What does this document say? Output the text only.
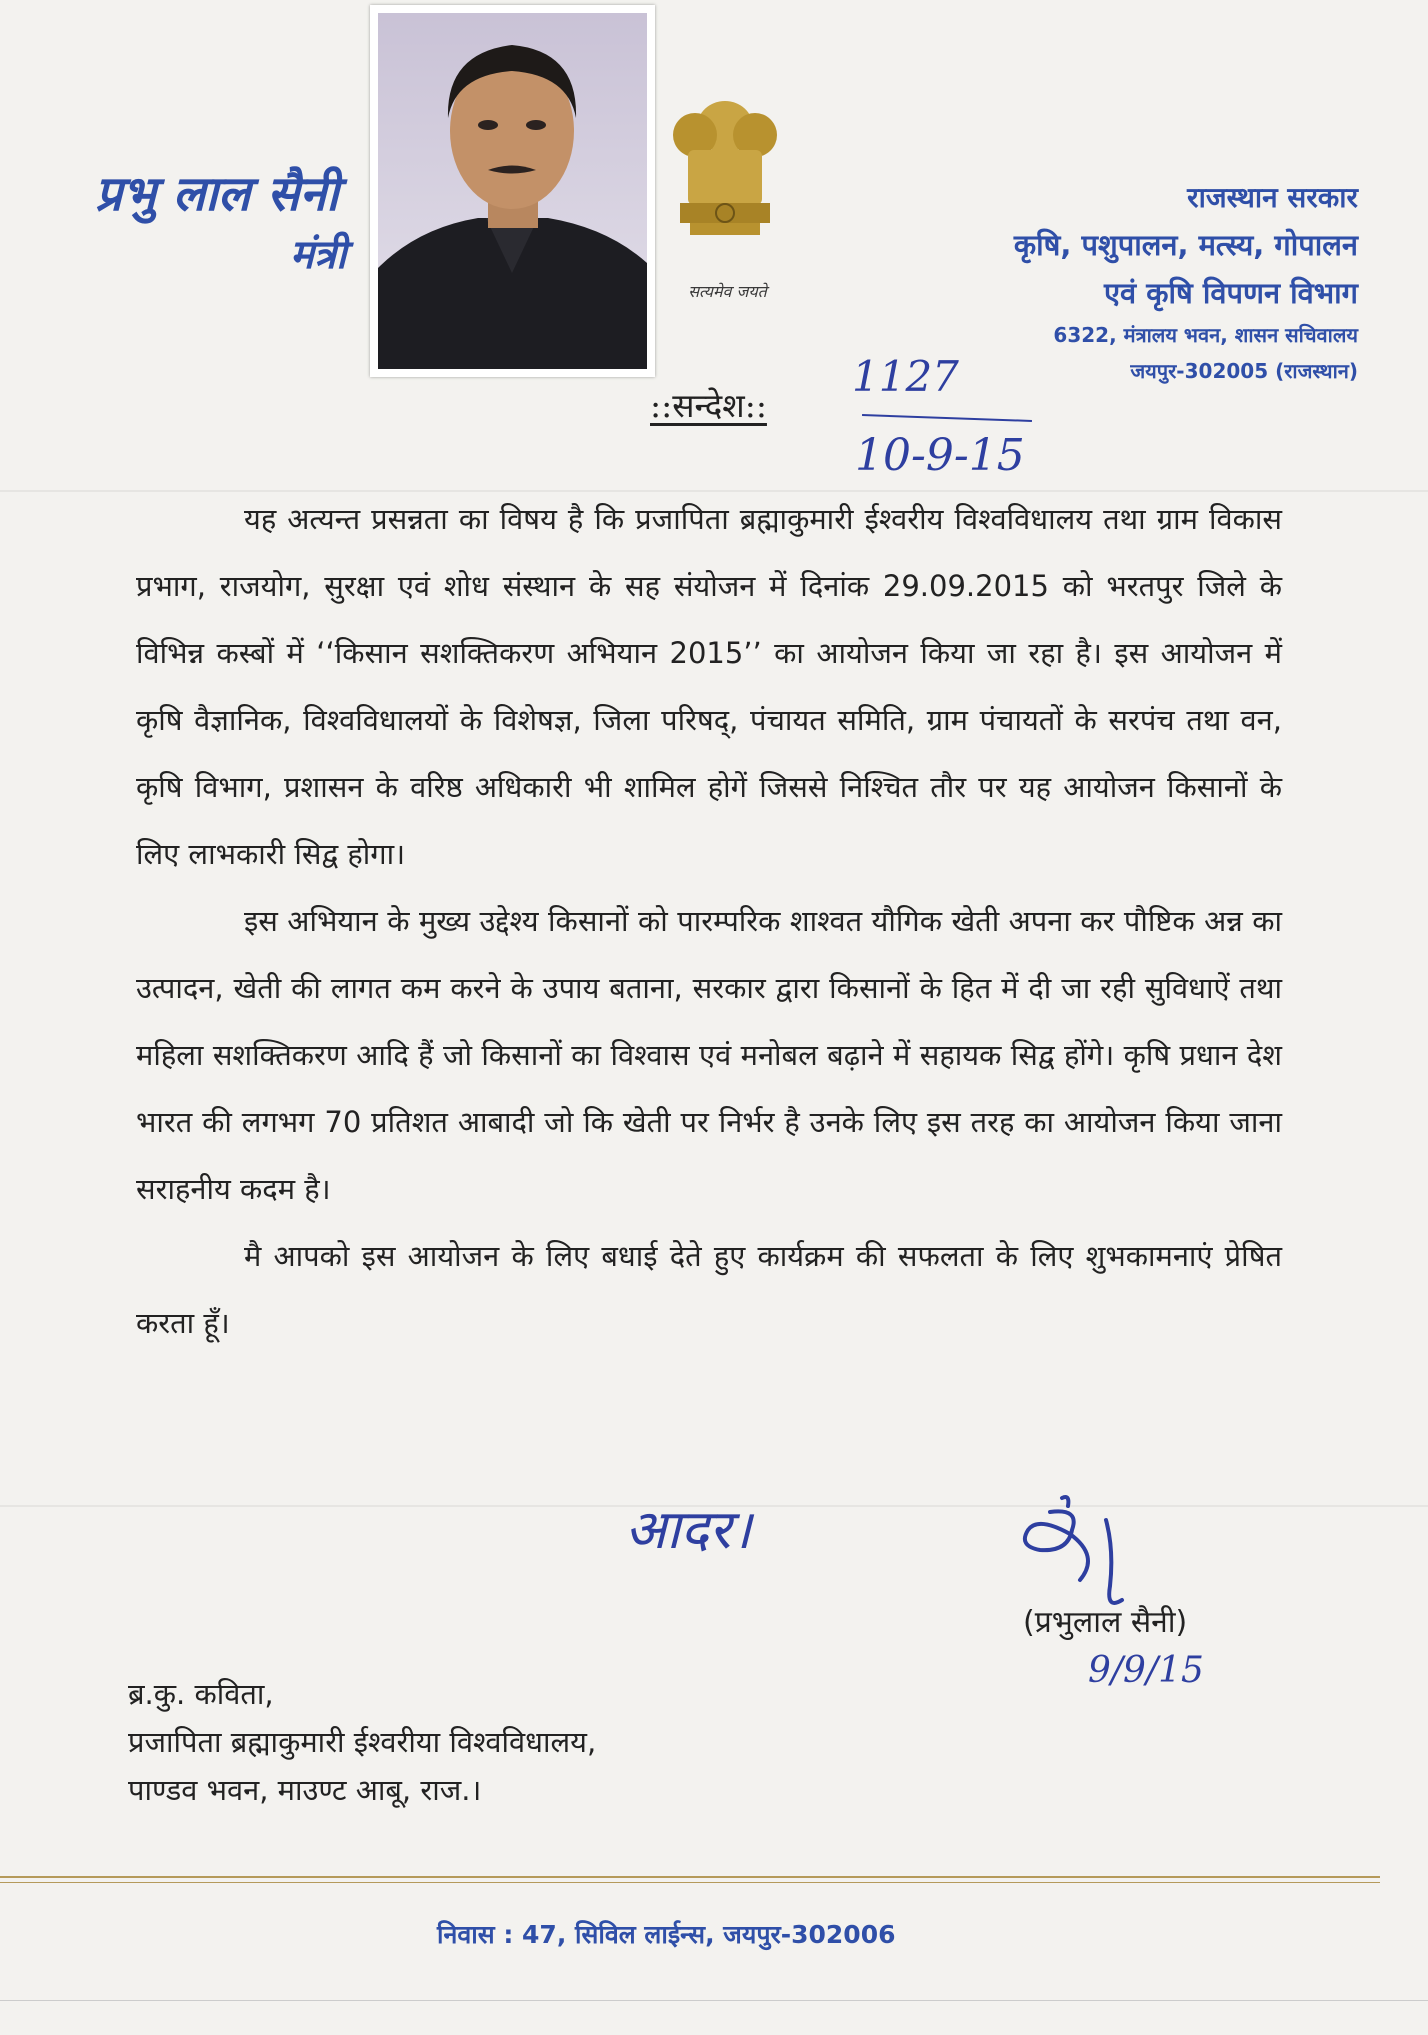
प्रभु लाल सैनी
मंत्री
सत्यमेव जयते
राजस्थान सरकार
कृषि, पशुपालन, मत्स्य, गोपालन
एवं कृषि विपणन विभाग
6322, मंत्रालय भवन, शासन सचिवालय
जयपुर-302005 (राजस्थान)
1127
10-9-15
::सन्देश::

यह अत्यन्त प्रसन्नता का विषय है कि प्रजापिता ब्रह्माकुमारी ईश्वरीय विश्वविधालय तथा ग्राम विकास प्रभाग, राजयोग, सुरक्षा एवं शोध संस्थान के सह संयोजन में दिनांक 29.09.2015 को भरतपुर जिले के विभिन्न कस्बों में ‘‘किसान सशक्तिकरण अभियान 2015’’ का आयोजन किया जा रहा है। इस आयोजन में कृषि वैज्ञानिक, विश्वविधालयों के विशेषज्ञ, जिला परिषद्, पंचायत समिति, ग्राम पंचायतों के सरपंच तथा वन, कृषि विभाग, प्रशासन के वरिष्ठ अधिकारी भी शामिल होगें जिससे निश्चित तौर पर यह आयोजन किसानों के लिए लाभकारी सिद्व होगा।

इस अभियान के मुख्य उद्देश्य किसानों को पारम्परिक शाश्वत यौगिक खेती अपना कर पौष्टिक अन्न का उत्पादन, खेती की लागत कम करने के उपाय बताना, सरकार द्वारा किसानों के हित में दी जा रही सुविधाऐं तथा महिला सशक्तिकरण आदि हैं जो किसानों का विश्वास एवं मनोबल बढ़ाने में सहायक सिद्व होंगे। कृषि प्रधान देश भारत की लगभग 70 प्रतिशत आबादी जो कि खेती पर निर्भर है उनके लिए इस तरह का आयोजन किया जाना सराहनीय कदम है।

मै आपको इस आयोजन के लिए बधाई देते हुए कार्यक्रम की सफलता के लिए शुभकामनाएं प्रेषित करता हूँ।

आदर।
(प्रभुलाल सैनी)
9/9/15
ब्र.कु. कविता,
प्रजापिता ब्रह्माकुमारी ईश्वरीया विश्वविधालय,
पाण्डव भवन, माउण्ट आबू, राज.।
निवास : 47, सिविल लाईन्स, जयपुर-302006
